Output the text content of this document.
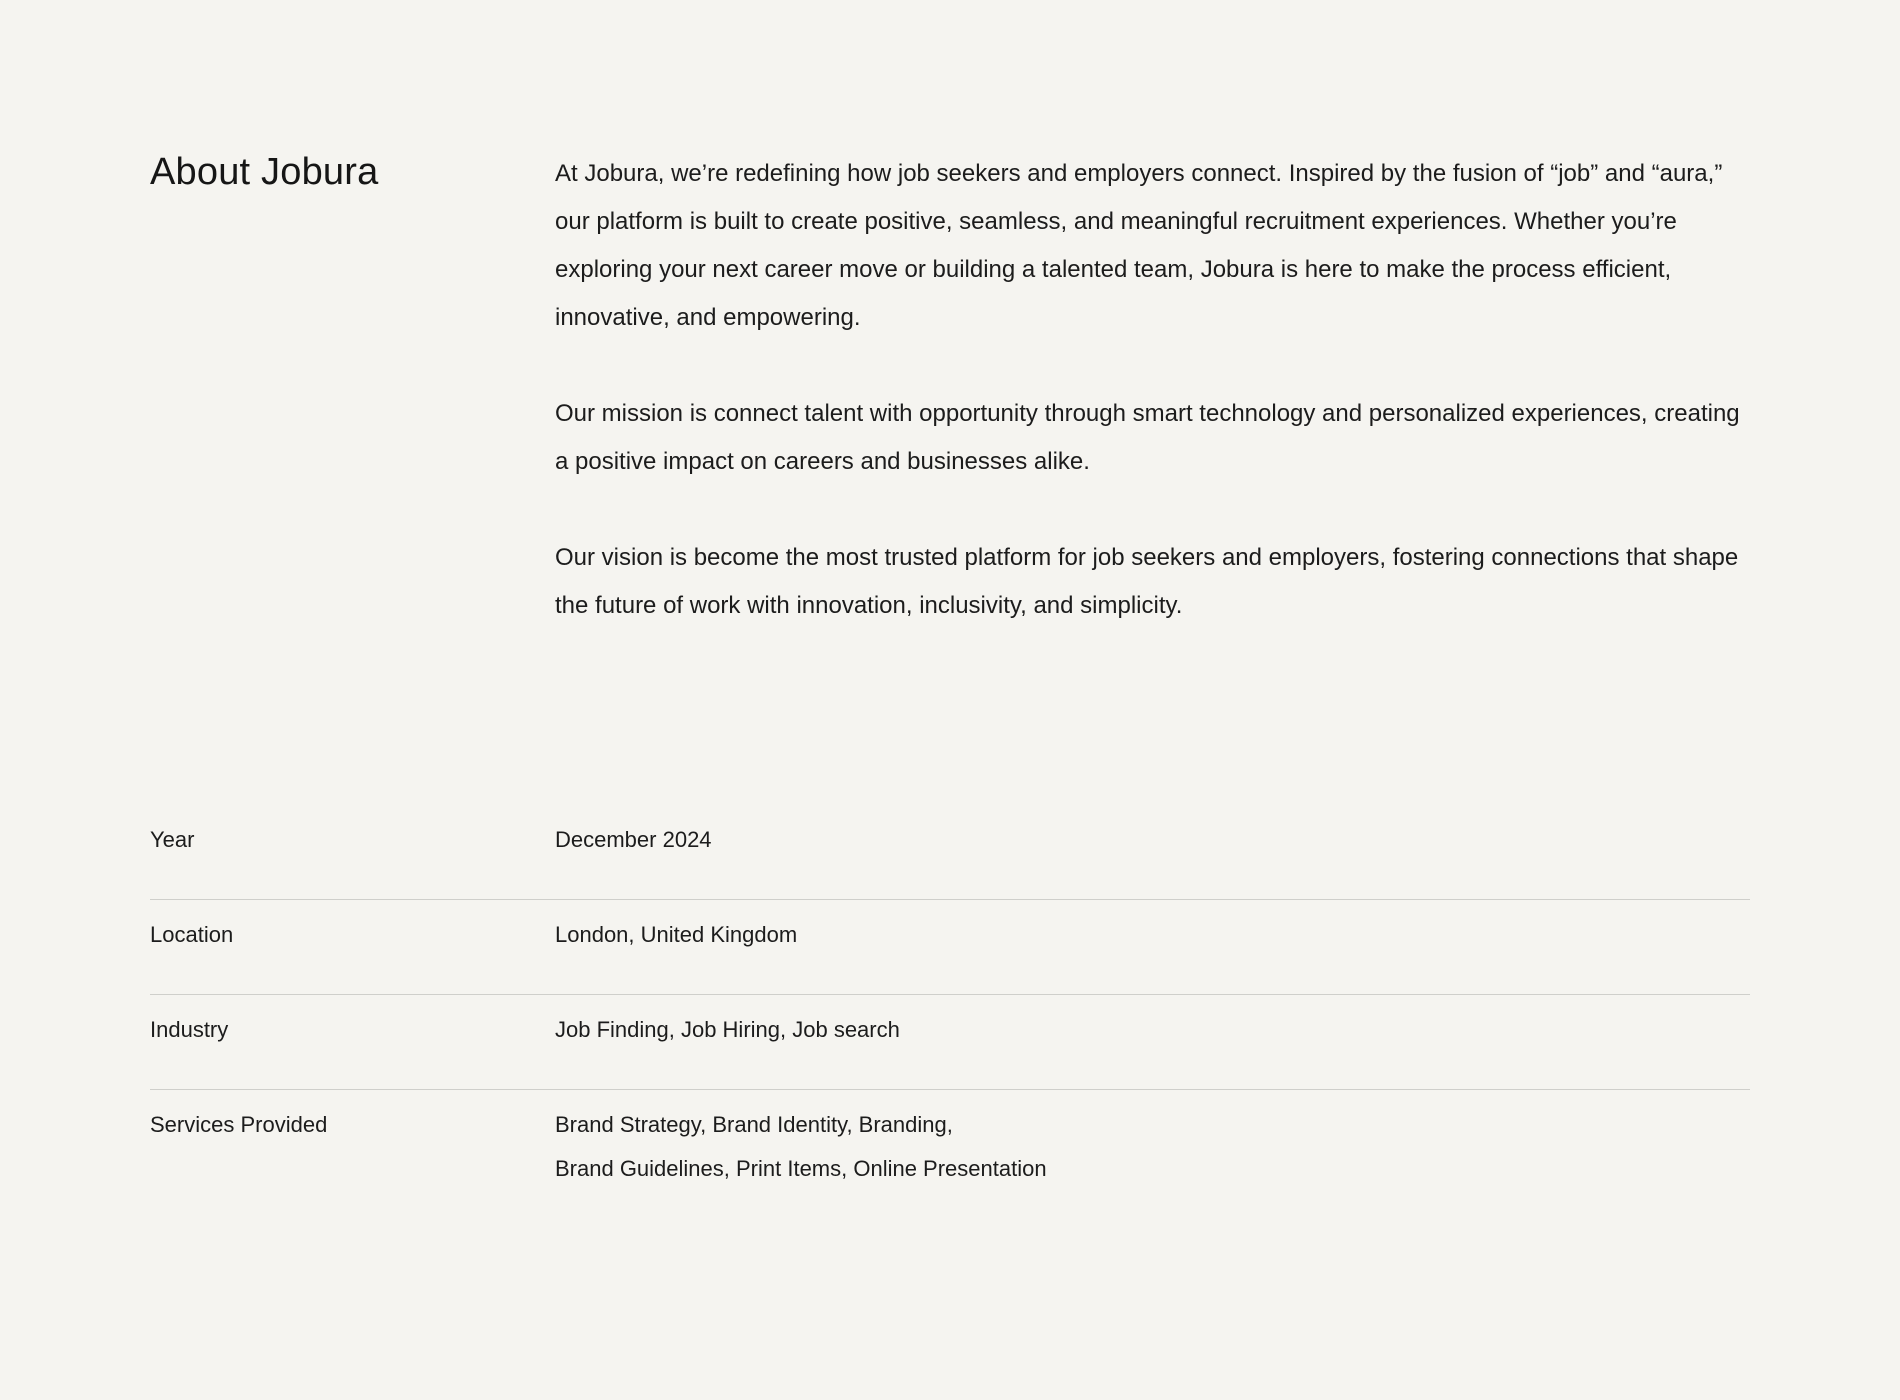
About Jobura	At Jobura, we’re redefining how job seekers and employers connect. Inspired by the fusion of “job” and “aura,” our platform is built to create positive, seamless, and meaningful recruitment experiences. Whether you’re exploring your next career move or building a talented team, Jobura is here to make the process efficient, innovative, and empowering.

Our mission is connect talent with opportunity through smart technology and personalized experiences, creating a positive impact on careers and businesses alike.

Our vision is become the most trusted platform for job seekers and employers, fostering connections that shape the future of work with innovation, inclusivity, and simplicity.

Year	December 2024
Location	London, United Kingdom
Industry	Job Finding, Job Hiring, Job search
Services Provided	Brand Strategy, Brand Identity, Branding,
Brand Guidelines, Print Items, Online Presentation
